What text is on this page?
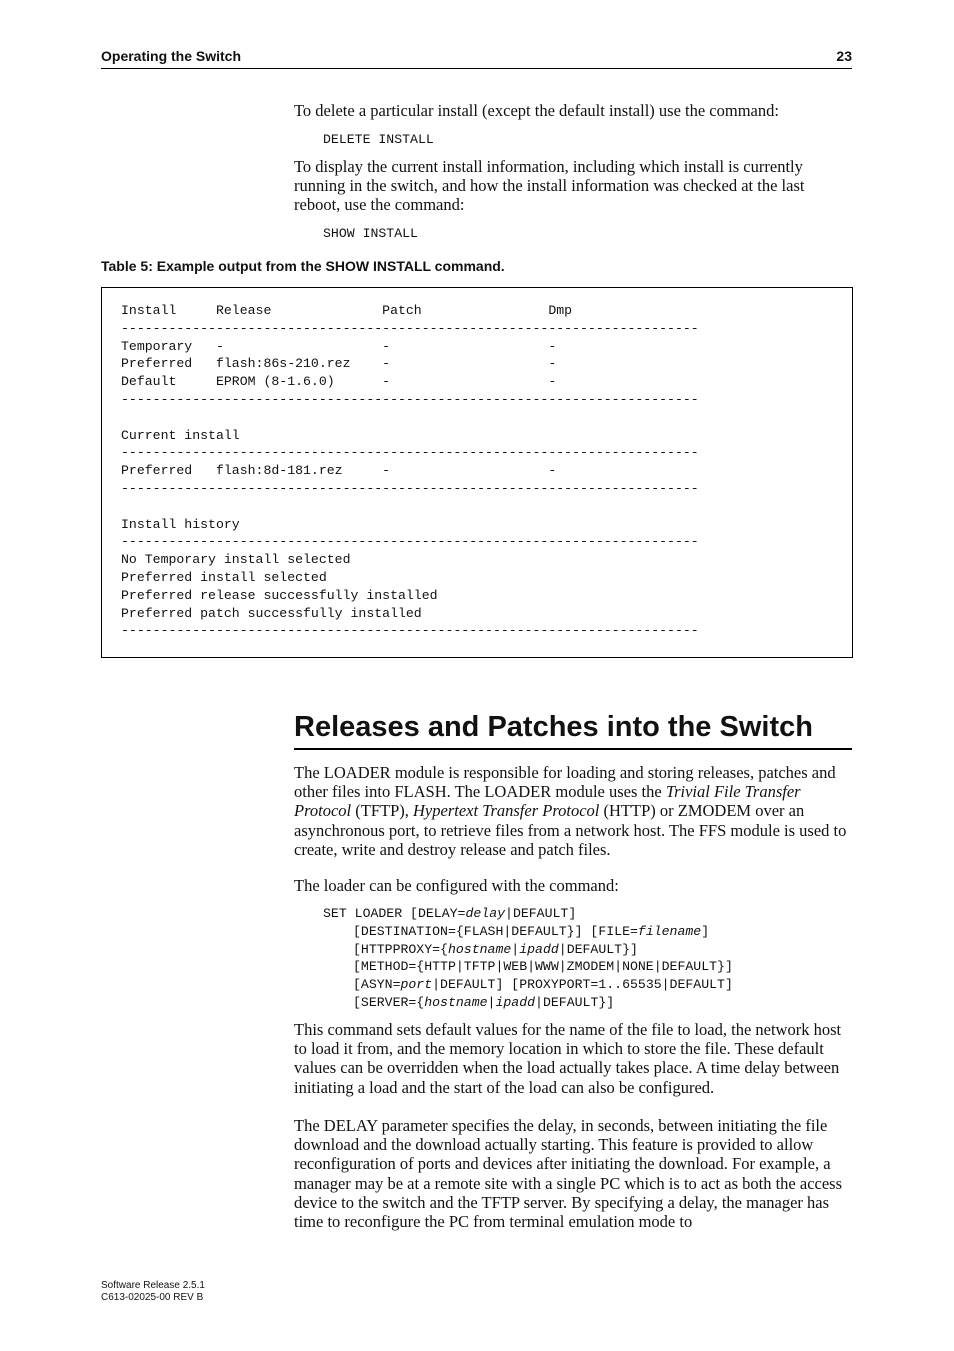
Operating the Switch	23

To delete a particular install (except the default install) use the command:

DELETE INSTALL

To display the current install information, including which install is currently running in the switch, and how the install information was checked at the last reboot, use the command:

SHOW INSTALL
Table 5: Example output from the SHOW INSTALL command.
Install     Release              Patch                Dmp
-------------------------------------------------------------------------
Temporary   -                    -                    -
Preferred   flash:86s-210.rez    -                    -
Default     EPROM (8-1.6.0)      -                    -
-------------------------------------------------------------------------

Current install
-------------------------------------------------------------------------
Preferred   flash:8d-181.rez     -                    -
-------------------------------------------------------------------------

Install history
-------------------------------------------------------------------------
No Temporary install selected
Preferred install selected
Preferred release successfully installed
Preferred patch successfully installed
-------------------------------------------------------------------------
Releases and Patches into the Switch

The LOADER module is responsible for loading and storing releases, patches and other files into FLASH. The LOADER module uses the Trivial File Transfer Protocol (TFTP), Hypertext Transfer Protocol (HTTP) or ZMODEM over an asynchronous port, to retrieve files from a network host. The FFS module is used to create, write and destroy release and patch files.

The loader can be configured with the command:

SET LOADER [DELAY=delay|DEFAULT]
[DESTINATION={FLASH|DEFAULT}] [FILE=filename]
[HTTPPROXY={hostname|ipadd|DEFAULT}]
[METHOD={HTTP|TFTP|WEB|WWW|ZMODEM|NONE|DEFAULT}]
[ASYN=port|DEFAULT] [PROXYPORT=1..65535|DEFAULT]
[SERVER={hostname|ipadd|DEFAULT}]

This command sets default values for the name of the file to load, the network host to load it from, and the memory location in which to store the file. These default values can be overridden when the load actually takes place. A time delay between initiating a load and the start of the load can also be configured.

The DELAY parameter specifies the delay, in seconds, between initiating the file download and the download actually starting. This feature is provided to allow reconfiguration of ports and devices after initiating the download. For example, a manager may be at a remote site with a single PC which is to act as both the access device to the switch and the TFTP server. By specifying a delay, the manager has time to reconfigure the PC from terminal emulation mode to

Software Release 2.5.1
C613-02025-00 REV B
